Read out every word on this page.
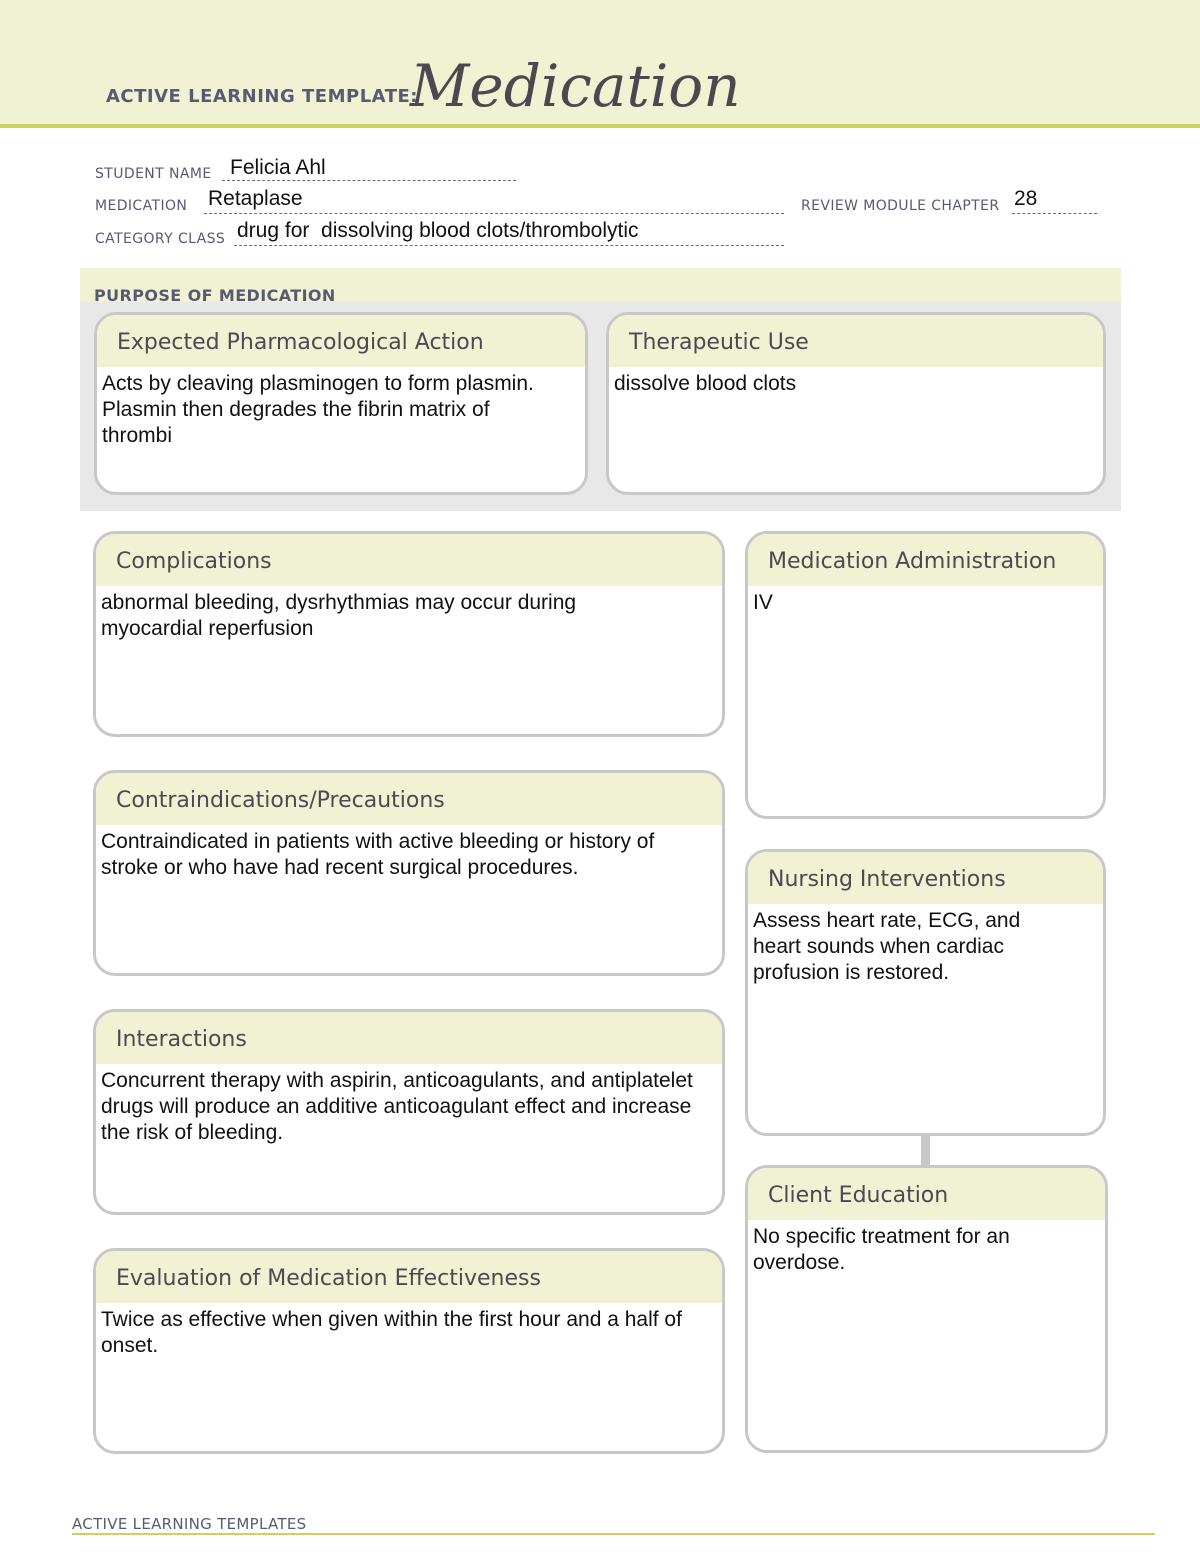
ACTIVE LEARNING TEMPLATE:
Medication
STUDENT NAME Felicia Ahl
MEDICATION Retaplase	REVIEW MODULE CHAPTER 28
CATEGORY CLASS drug for  dissolving blood clots/thrombolytic
PURPOSE OF MEDICATION
Expected Pharmacological Action
Acts by cleaving plasminogen to form plasmin. Plasmin then degrades the fibrin matrix of thrombi
Therapeutic Use
dissolve blood clots
Complications
abnormal bleeding, dysrhythmias may occur during myocardial reperfusion
Contraindications/Precautions
Contraindicated in patients with active bleeding or history of stroke or who have had recent surgical procedures.
Interactions
Concurrent therapy with aspirin, anticoagulants, and antiplatelet drugs will produce an additive anticoagulant effect and increase the risk of bleeding.
Evaluation of Medication Effectiveness
Twice as effective when given within the first hour and a half of onset.
Medication Administration
IV
Nursing Interventions
Assess heart rate, ECG, and heart sounds when cardiac profusion is restored.
Client Education
No specific treatment for an overdose.
ACTIVE LEARNING TEMPLATES
